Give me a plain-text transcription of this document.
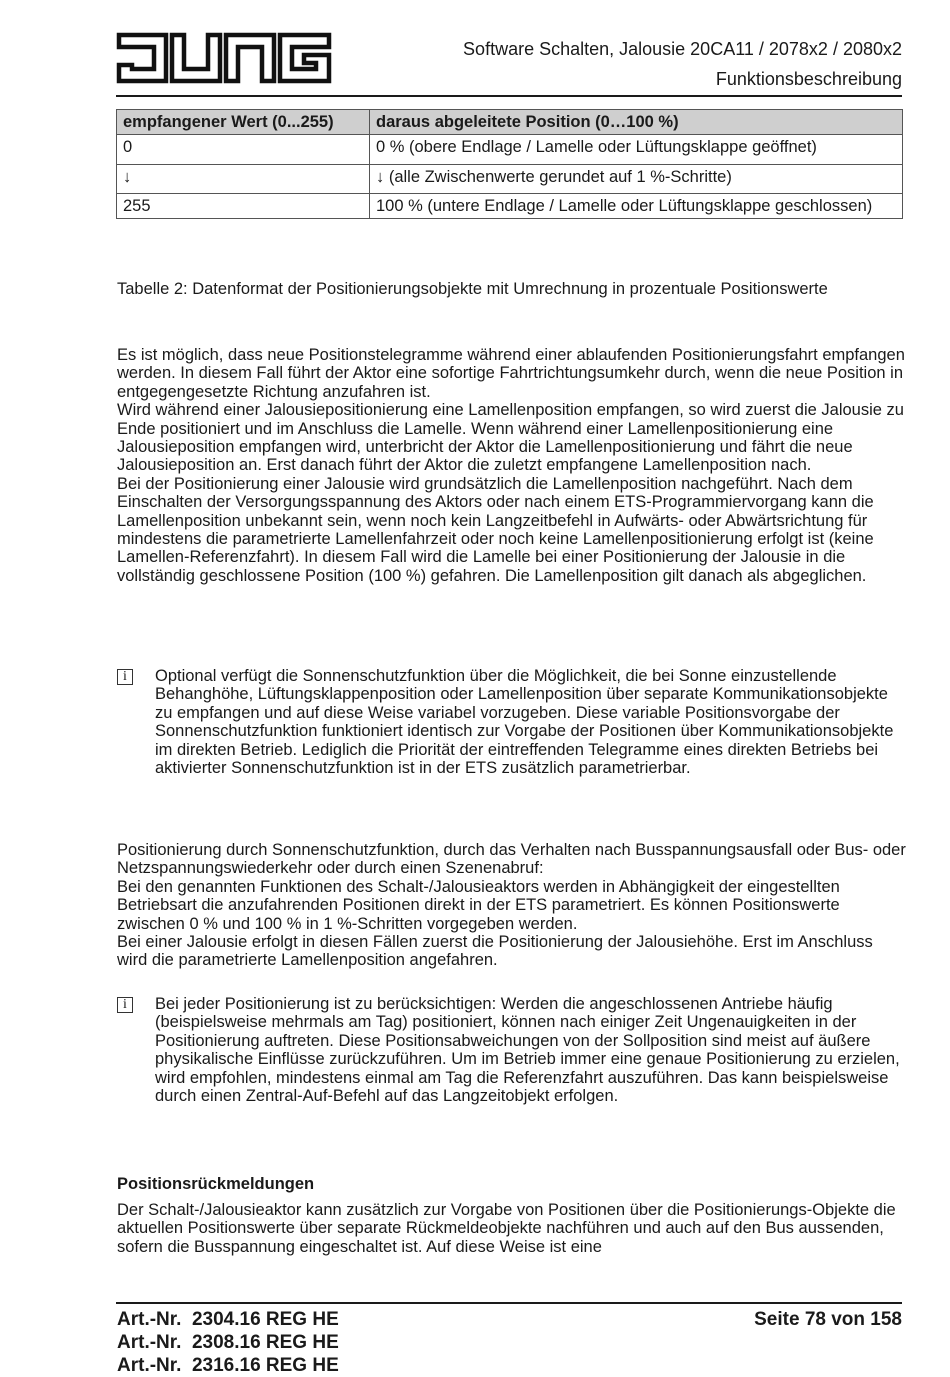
Software Schalten, Jalousie 20CA11 / 2078x2 / 2080x2
Funktionsbeschreibung
empfangener Wert (0...255)	daraus abgeleitete Position (0…100 %)
0	0 % (obere Endlage / Lamelle oder Lüftungsklappe geöffnet)
↓	↓ (alle Zwischenwerte gerundet auf 1 %-Schritte)
255	100 % (untere Endlage / Lamelle oder Lüftungsklappe geschlossen)
Tabelle 2: Datenformat der Positionierungsobjekte mit Umrechnung in prozentuale Positionswerte

Es ist möglich, dass neue Positionstelegramme während einer ablaufenden Positionierungsfahrt empfangen werden. In diesem Fall führt der Aktor eine sofortige Fahrtrichtungsumkehr durch, wenn die neue Position in entgegengesetzte Richtung anzufahren ist.

Wird während einer Jalousiepositionierung eine Lamellenposition empfangen, so wird zuerst die Jalousie zu Ende positioniert und im Anschluss die Lamelle. Wenn während einer Lamellenpositionierung eine Jalousieposition empfangen wird, unterbricht der Aktor die Lamellenpositionierung und fährt die neue Jalousieposition an. Erst danach führt der Aktor die zuletzt empfangene Lamellenposition nach.

Bei der Positionierung einer Jalousie wird grundsätzlich die Lamellenposition nachgeführt. Nach dem Einschalten der Versorgungsspannung des Aktors oder nach einem ETS-Programmiervorgang kann die Lamellenposition unbekannt sein, wenn noch kein Langzeitbefehl in Aufwärts- oder Abwärtsrichtung für mindestens die parametrierte Lamellenfahrzeit oder noch keine Lamellenpositionierung erfolgt ist (keine Lamellen-Referenzfahrt). In diesem Fall wird die Lamelle bei einer Positionierung der Jalousie in die vollständig geschlossene Position (100 %) gefahren. Die Lamellenposition gilt danach als abgeglichen.

i	Optional verfügt die Sonnenschutzfunktion über die Möglichkeit, die bei Sonne einzustellende Behanghöhe, Lüftungsklappenposition oder Lamellenposition über separate Kommunikationsobjekte zu empfangen und auf diese Weise variabel vorzugeben. Diese variable Positionsvorgabe der Sonnenschutzfunktion funktioniert identisch zur Vorgabe der Positionen über Kommunikationsobjekte im direkten Betrieb. Lediglich die Priorität der eintreffenden Telegramme eines direkten Betriebs bei aktivierter Sonnenschutzfunktion ist in der ETS zusätzlich parametrierbar.

Positionierung durch Sonnenschutzfunktion, durch das Verhalten nach Busspannungsausfall oder Bus- oder Netzspannungswiederkehr oder durch einen Szenenabruf:

Bei den genannten Funktionen des Schalt-/Jalousieaktors werden in Abhängigkeit der eingestellten Betriebsart die anzufahrenden Positionen direkt in der ETS parametriert. Es können Positionswerte zwischen 0 % und 100 % in 1 %-Schritten vorgegeben werden.

Bei einer Jalousie erfolgt in diesen Fällen zuerst die Positionierung der Jalousiehöhe. Erst im Anschluss wird die parametrierte Lamellenposition angefahren.

i	Bei jeder Positionierung ist zu berücksichtigen: Werden die angeschlossenen Antriebe häufig (beispielsweise mehrmals am Tag) positioniert, können nach einiger Zeit Ungenauigkeiten in der Positionierung auftreten. Diese Positionsabweichungen von der Sollposition sind meist auf äußere physikalische Einflüsse zurückzuführen. Um im Betrieb immer eine genaue Positionierung zu erzielen, wird empfohlen, mindestens einmal am Tag die Referenzfahrt auszuführen. Das kann beispielsweise durch einen Zentral-Auf-Befehl auf das Langzeitobjekt erfolgen.
Positionsrückmeldungen

Der Schalt-/Jalousieaktor kann zusätzlich zur Vorgabe von Positionen über die Positionierungs-Objekte die aktuellen Positionswerte über separate Rückmeldeobjekte nachführen und auch auf den Bus aussenden, sofern die Busspannung eingeschaltet ist. Auf diese Weise ist eine

Art.-Nr.  2304.16 REG HE
Art.-Nr.  2308.16 REG HE
Art.-Nr.  2316.16 REG HE
Seite 78 von 158
